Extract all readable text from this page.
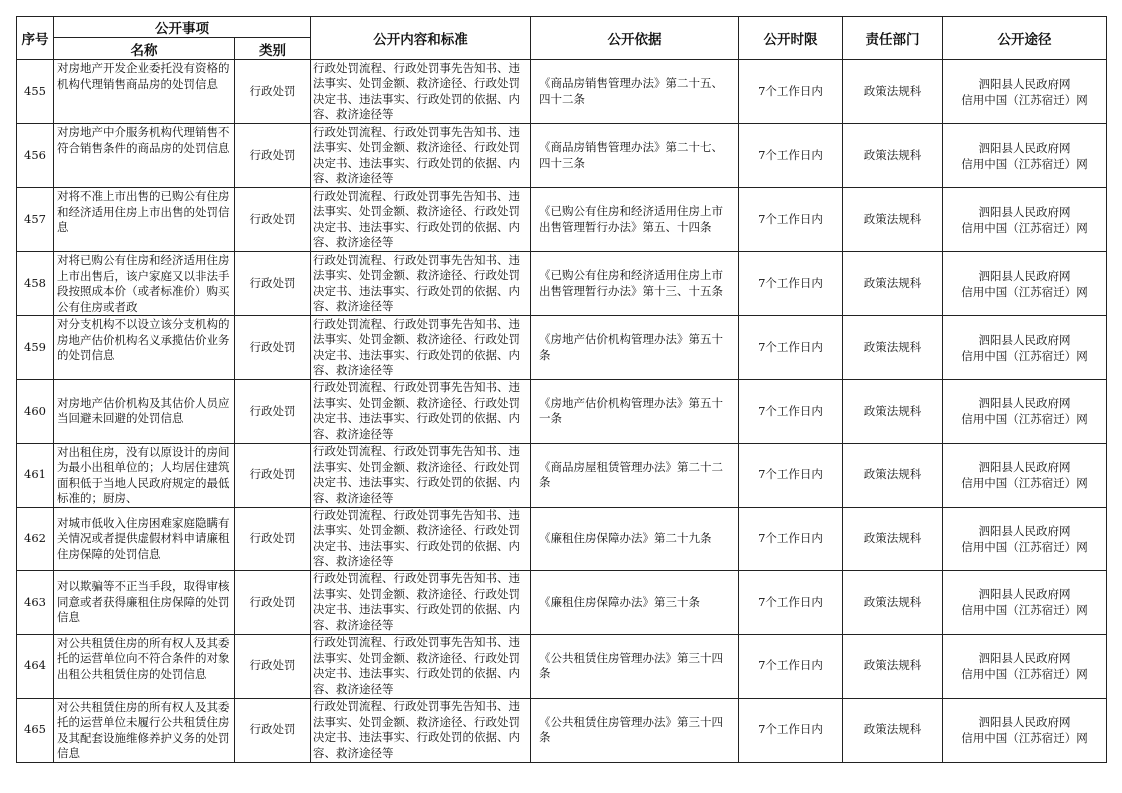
序号	公开事项		公开内容和标准	公开依据	公开时限	责任部门	公开途径
	名称	类别					

455	对房地产开发企业委托没有资格的机构代理销售商品房的处罚信息	行政处罚	行政处罚流程、行政处罚事先告知书、违法事实、处罚金额、救济途径、行政处罚决定书、违法事实、行政处罚的依据、内容、救济途径等	《商品房销售管理办法》第二十五、四十二条	7个工作日内	政策法规科	泗阳县人民政府网
信用中国（江苏宿迁）网

456	对房地产中介服务机构代理销售不符合销售条件的商品房的处罚信息	行政处罚	行政处罚流程、行政处罚事先告知书、违法事实、处罚金额、救济途径、行政处罚决定书、违法事实、行政处罚的依据、内容、救济途径等	《商品房销售管理办法》第二十七、四十三条	7个工作日内	政策法规科	泗阳县人民政府网
信用中国（江苏宿迁）网

457	对将不准上市出售的已购公有住房和经济适用住房上市出售的处罚信息	行政处罚	行政处罚流程、行政处罚事先告知书、违法事实、处罚金额、救济途径、行政处罚决定书、违法事实、行政处罚的依据、内容、救济途径等	《已购公有住房和经济适用住房上市出售管理暂行办法》第五、十四条	7个工作日内	政策法规科	泗阳县人民政府网
信用中国（江苏宿迁）网

458	对将已购公有住房和经济适用住房上市出售后，该户家庭又以非法手段按照成本价（或者标准价）购买公有住房或者政	行政处罚	行政处罚流程、行政处罚事先告知书、违法事实、处罚金额、救济途径、行政处罚决定书、违法事实、行政处罚的依据、内容、救济途径等	《已购公有住房和经济适用住房上市出售管理暂行办法》第十三、十五条	7个工作日内	政策法规科	泗阳县人民政府网
信用中国（江苏宿迁）网

459	对分支机构不以设立该分支机构的房地产估价机构名义承揽估价业务的处罚信息	行政处罚	行政处罚流程、行政处罚事先告知书、违法事实、处罚金额、救济途径、行政处罚决定书、违法事实、行政处罚的依据、内容、救济途径等	《房地产估价机构管理办法》第五十条	7个工作日内	政策法规科	泗阳县人民政府网
信用中国（江苏宿迁）网

460	对房地产估价机构及其估价人员应当回避未回避的处罚信息	行政处罚	行政处罚流程、行政处罚事先告知书、违法事实、处罚金额、救济途径、行政处罚决定书、违法事实、行政处罚的依据、内容、救济途径等	《房地产估价机构管理办法》第五十一条	7个工作日内	政策法规科	泗阳县人民政府网
信用中国（江苏宿迁）网

461	对出租住房，没有以原设计的房间为最小出租单位的；人均居住建筑面积低于当地人民政府规定的最低标准的；厨房、	行政处罚	行政处罚流程、行政处罚事先告知书、违法事实、处罚金额、救济途径、行政处罚决定书、违法事实、行政处罚的依据、内容、救济途径等	《商品房屋租赁管理办法》第二十二条	7个工作日内	政策法规科	泗阳县人民政府网
信用中国（江苏宿迁）网

462	对城市低收入住房困难家庭隐瞒有关情况或者提供虚假材料申请廉租住房保障的处罚信息	行政处罚	行政处罚流程、行政处罚事先告知书、违法事实、处罚金额、救济途径、行政处罚决定书、违法事实、行政处罚的依据、内容、救济途径等	《廉租住房保障办法》第二十九条	7个工作日内	政策法规科	泗阳县人民政府网
信用中国（江苏宿迁）网

463	对以欺骗等不正当手段，取得审核同意或者获得廉租住房保障的处罚信息	行政处罚	行政处罚流程、行政处罚事先告知书、违法事实、处罚金额、救济途径、行政处罚决定书、违法事实、行政处罚的依据、内容、救济途径等	《廉租住房保障办法》第三十条	7个工作日内	政策法规科	泗阳县人民政府网
信用中国（江苏宿迁）网

464	对公共租赁住房的所有权人及其委托的运营单位向不符合条件的对象出租公共租赁住房的处罚信息	行政处罚	行政处罚流程、行政处罚事先告知书、违法事实、处罚金额、救济途径、行政处罚决定书、违法事实、行政处罚的依据、内容、救济途径等	《公共租赁住房管理办法》第三十四条	7个工作日内	政策法规科	泗阳县人民政府网
信用中国（江苏宿迁）网

465	对公共租赁住房的所有权人及其委托的运营单位未履行公共租赁住房及其配套设施维修养护义务的处罚信息	行政处罚	行政处罚流程、行政处罚事先告知书、违法事实、处罚金额、救济途径、行政处罚决定书、违法事实、行政处罚的依据、内容、救济途径等	《公共租赁住房管理办法》第三十四条	7个工作日内	政策法规科	泗阳县人民政府网
信用中国（江苏宿迁）网
